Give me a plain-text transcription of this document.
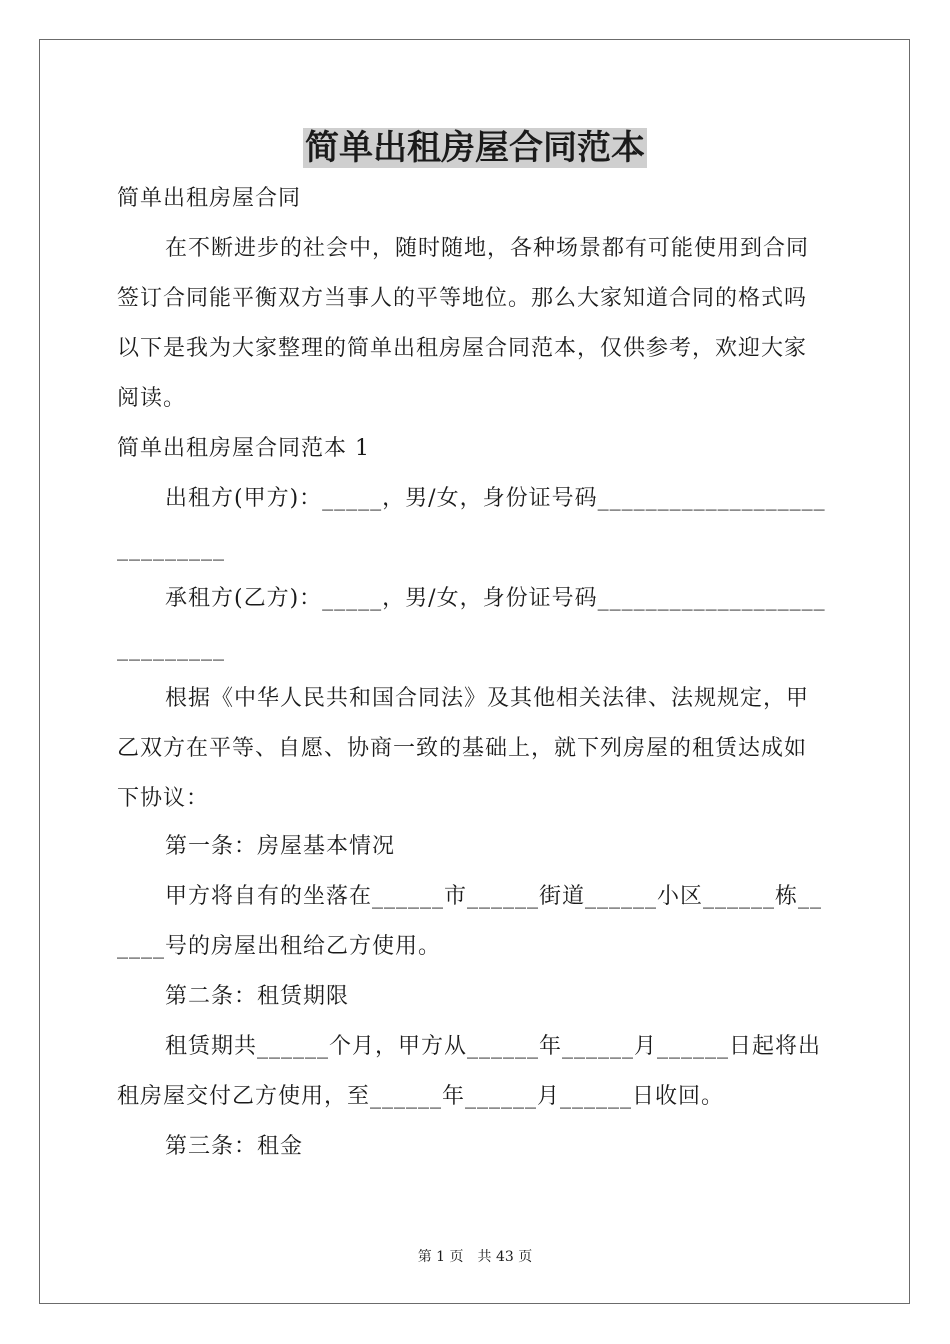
简单出租房屋合同范本
简单出租房屋合同
在不断进步的社会中，随时随地，各种场景都有可能使用到合同
签订合同能平衡双方当事人的平等地位。那么大家知道合同的格式吗
以下是我为大家整理的简单出租房屋合同范本，仅供参考，欢迎大家
阅读。
简单出租房屋合同范本 1
出租方(甲方)：_____，男/女，身份证号码___________________
_________
承租方(乙方)：_____，男/女，身份证号码___________________
_________
根据《中华人民共和国合同法》及其他相关法律、法规规定，甲
乙双方在平等、自愿、协商一致的基础上，就下列房屋的租赁达成如
下协议：
第一条：房屋基本情况
甲方将自有的坐落在______市______街道______小区______栋__
____号的房屋出租给乙方使用。
第二条：租赁期限
租赁期共______个月，甲方从______年______月______日起将出
租房屋交付乙方使用，至______年______月______日收回。
第三条：租金
第 1 页　共 43 页
